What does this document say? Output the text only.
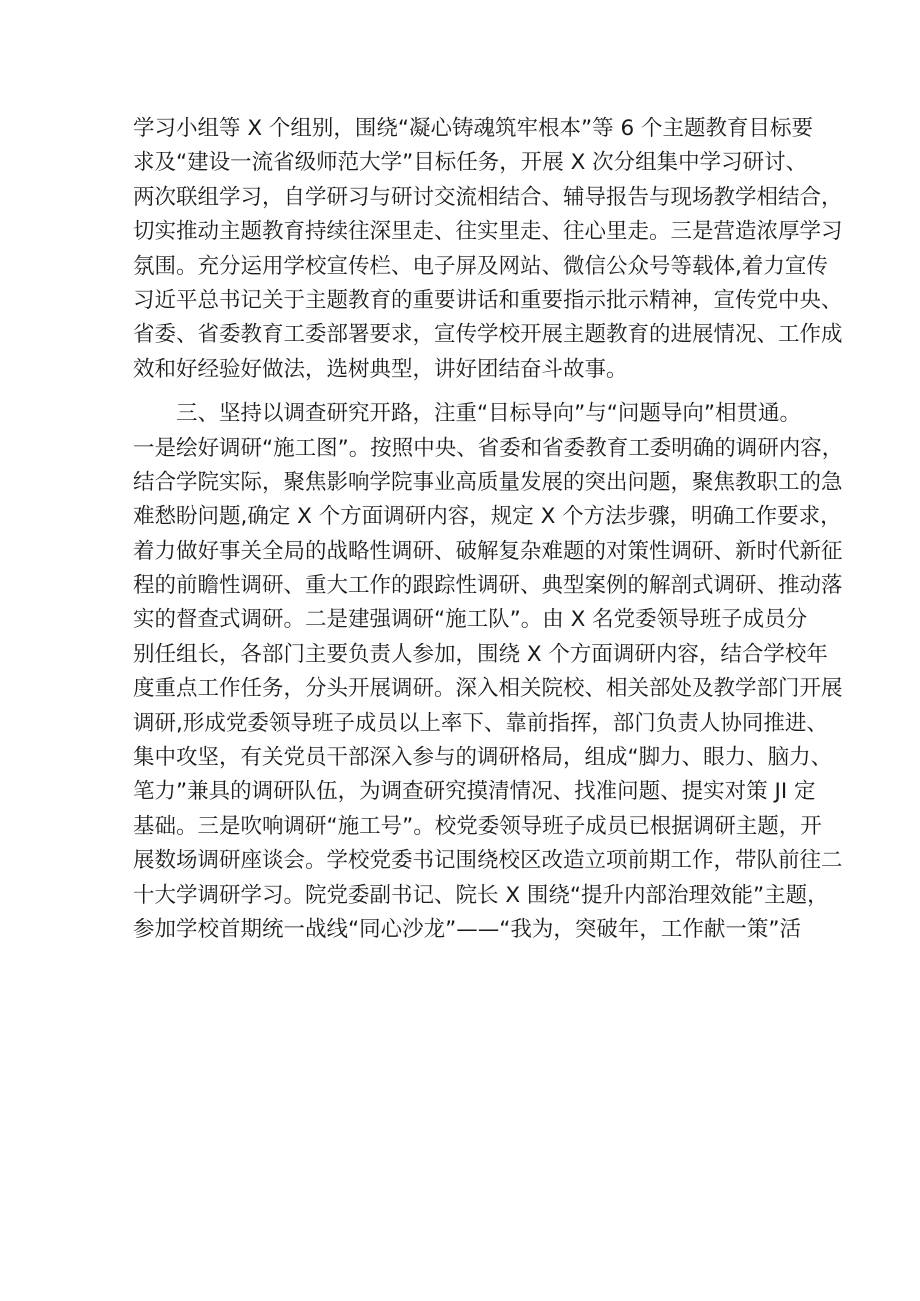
学习小组等 X 个组别，围绕“凝心铸魂筑牢根本”等 6 个主题教育目标要
求及“建设一流省级师范大学”目标任务，开展 X 次分组集中学习研讨、
两次联组学习，自学研习与研讨交流相结合、辅导报告与现场教学相结合，
切实推动主题教育持续往深里走、往实里走、往心里走。三是营造浓厚学习
氛围。充分运用学校宣传栏、电子屏及网站、微信公众号等载体,着力宣传
习近平总书记关于主题教育的重要讲话和重要指示批示精神，宣传党中央、
省委、省委教育工委部署要求，宣传学校开展主题教育的进展情况、工作成
效和好经验好做法，选树典型，讲好团结奋斗故事。
三、坚持以调查研究开路，注重“目标导向”与“问题导向”相贯通。
一是绘好调研“施工图”。按照中央、省委和省委教育工委明确的调研内容，
结合学院实际，聚焦影响学院事业高质量发展的突出问题，聚焦教职工的急
难愁盼问题,确定 X 个方面调研内容，规定 X 个方法步骤，明确工作要求，
着力做好事关全局的战略性调研、破解复杂难题的对策性调研、新时代新征
程的前瞻性调研、重大工作的跟踪性调研、典型案例的解剖式调研、推动落
实的督查式调研。二是建强调研“施工队”。由 X 名党委领导班子成员分
别任组长，各部门主要负责人参加，围绕 X 个方面调研内容，结合学校年
度重点工作任务，分头开展调研。深入相关院校、相关部处及教学部门开展
调研,形成党委领导班子成员以上率下、靠前指挥，部门负责人协同推进、
集中攻坚，有关党员干部深入参与的调研格局，组成“脚力、眼力、脑力、
笔力”兼具的调研队伍，为调查研究摸清情况、找准问题、提实对策 JI 定
基础。三是吹响调研“施工号”。校党委领导班子成员已根据调研主题，开
展数场调研座谈会。学校党委书记围绕校区改造立项前期工作，带队前往二
十大学调研学习。院党委副书记、院长 X 围绕“提升内部治理效能”主题，
参加学校首期统一战线“同心沙龙”——“我为，突破年，工作献一策”活
